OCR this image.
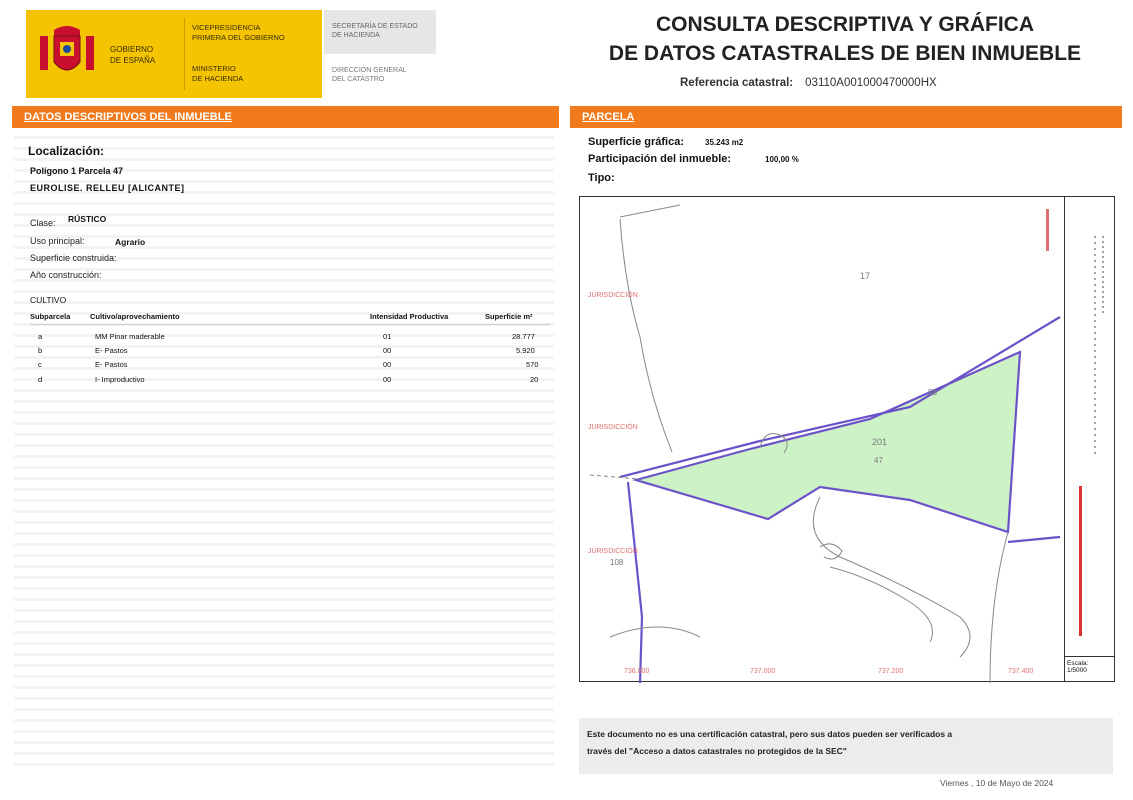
GOBIERNO
DE ESPAÑA
VICEPRESIDENCIA
PRIMERA DEL GOBIERNO
MINISTERIO
DE HACIENDA
SECRETARÍA DE ESTADO
DE HACIENDA
DIRECCIÓN GENERAL
DEL CATASTRO
CONSULTA DESCRIPTIVA Y GRÁFICA
DE DATOS CATASTRALES DE BIEN INMUEBLE
Referencia catastral: 03110A001000470000HX
DATOS DESCRIPTIVOS DEL INMUEBLE
Localización:
Polígono 1 Parcela 47
EUROLISE. RELLEU [ALICANTE]
Clase: RÚSTICO
Uso principal:	Agrario
Superficie construida:
Año construcción:
CULTIVO
Subparcela	Cultivo/aprovechamiento	Intensidad Productiva	Superficie m²
a	MM Pinar maderable	01	28.777
b	E- Pastos	00	5.920
c	E- Pastos	00	570
d	I- Improductivo	00	20
PARCELA
Superficie gráfica:	35.243 m2
Participación del inmueble:	100,00 %
Tipo:
JURISDICCIÓN
JURISDICCIÓN
JURISDICCIÓN
17
201
47
58
108
736.800	737.000	737.200	737.400
Escala:
1/5000
Este documento no es una certificación catastral, pero sus datos pueden ser verificados a
través del "Acceso a datos catastrales no protegidos de la SEC"
Viernes , 10 de Mayo de 2024
